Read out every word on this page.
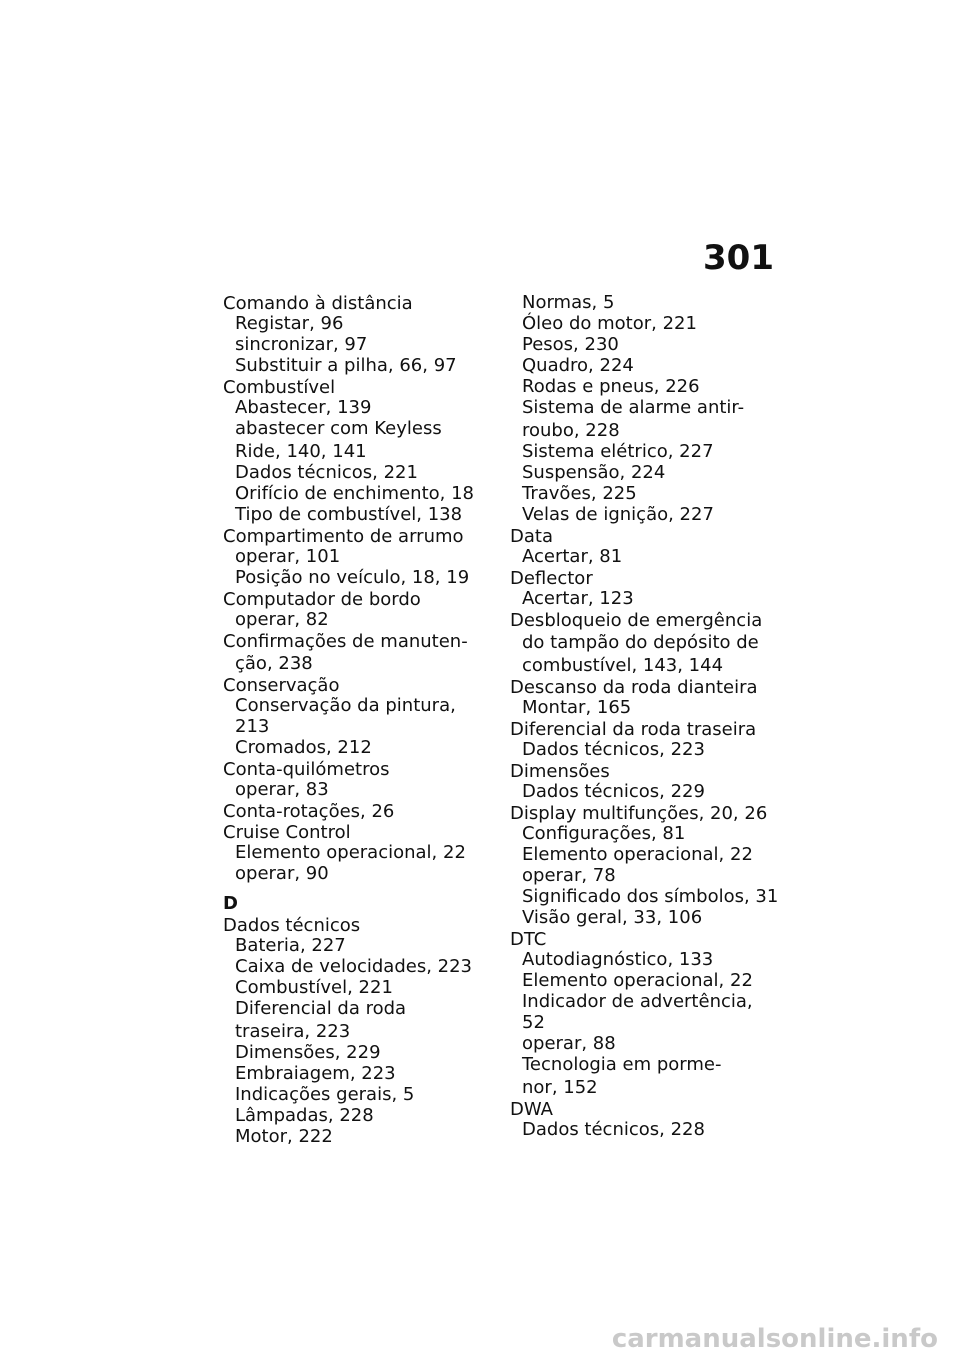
301
Comando à distância
Registar, 96
sincronizar, 97
Substituir a pilha, 66, 97
Combustível
Abastecer, 139
abastecer com Keyless
Ride, 140, 141
Dados técnicos, 221
Orifício de enchimento, 18
Tipo de combustível, 138
Compartimento de arrumo
operar, 101
Posição no veículo, 18, 19
Computador de bordo
operar, 82
Confirmações de manuten-
ção, 238
Conservação
Conservação da pintura, 213
Cromados, 212
Conta-quilómetros
operar, 83
Conta-rotações, 26
Cruise Control
Elemento operacional, 22
operar, 90
D
Dados técnicos
Bateria, 227
Caixa de velocidades, 223
Combustível, 221
Diferencial da roda
traseira, 223
Dimensões, 229
Embraiagem, 223
Indicações gerais, 5
Lâmpadas, 228
Motor, 222
Normas, 5
Óleo do motor, 221
Pesos, 230
Quadro, 224
Rodas e pneus, 226
Sistema de alarme antir-
roubo, 228
Sistema elétrico, 227
Suspensão, 224
Travões, 225
Velas de ignição, 227
Data
Acertar, 81
Deflector
Acertar, 123
Desbloqueio de emergência
do tampão do depósito de
combustível, 143, 144
Descanso da roda dianteira
Montar, 165
Diferencial da roda traseira
Dados técnicos, 223
Dimensões
Dados técnicos, 229
Display multifunções, 20, 26
Configurações, 81
Elemento operacional, 22
operar, 78
Significado dos símbolos, 31
Visão geral, 33, 106
DTC
Autodiagnóstico, 133
Elemento operacional, 22
Indicador de advertência, 52
operar, 88
Tecnologia em porme-
nor, 152
DWA
Dados técnicos, 228
carmanualsonline.info
